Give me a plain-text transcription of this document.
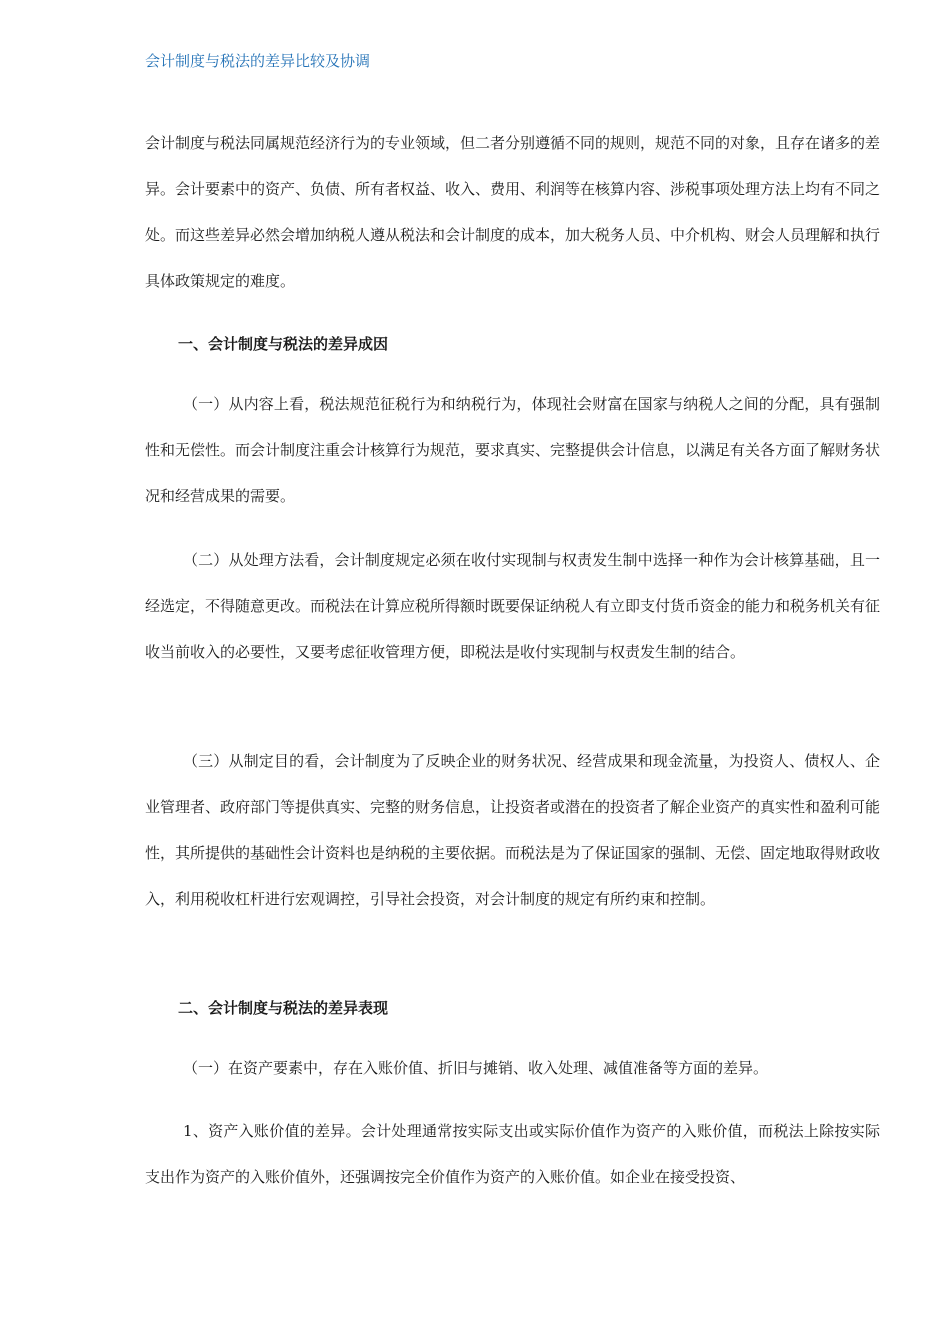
会计制度与税法的差异比较及协调

会计制度与税法同属规范经济行为的专业领域，但二者分别遵循不同的规则，规范不同的对象，且存在诸多的差异。会计要素中的资产、负债、所有者权益、收入、费用、利润等在核算内容、涉税事项处理方法上均有不同之处。而这些差异必然会增加纳税人遵从税法和会计制度的成本，加大税务人员、中介机构、财会人员理解和执行具体政策规定的难度。

一、会计制度与税法的差异成因

（一）从内容上看，税法规范征税行为和纳税行为，体现社会财富在国家与纳税人之间的分配，具有强制性和无偿性。而会计制度注重会计核算行为规范，要求真实、完整提供会计信息，以满足有关各方面了解财务状况和经营成果的需要。

（二）从处理方法看，会计制度规定必须在收付实现制与权责发生制中选择一种作为会计核算基础，且一经选定，不得随意更改。而税法在计算应税所得额时既要保证纳税人有立即支付货币资金的能力和税务机关有征收当前收入的必要性，又要考虑征收管理方便，即税法是收付实现制与权责发生制的结合。

（三）从制定目的看，会计制度为了反映企业的财务状况、经营成果和现金流量，为投资人、债权人、企业管理者、政府部门等提供真实、完整的财务信息，让投资者或潜在的投资者了解企业资产的真实性和盈利可能性，其所提供的基础性会计资料也是纳税的主要依据。而税法是为了保证国家的强制、无偿、固定地取得财政收入，利用税收杠杆进行宏观调控，引导社会投资，对会计制度的规定有所约束和控制。

二、会计制度与税法的差异表现

（一）在资产要素中，存在入账价值、折旧与摊销、收入处理、减值准备等方面的差异。

1、资产入账价值的差异。会计处理通常按实际支出或实际价值作为资产的入账价值，而税法上除按实际支出作为资产的入账价值外，还强调按完全价值作为资产的入账价值。如企业在接受投资、
